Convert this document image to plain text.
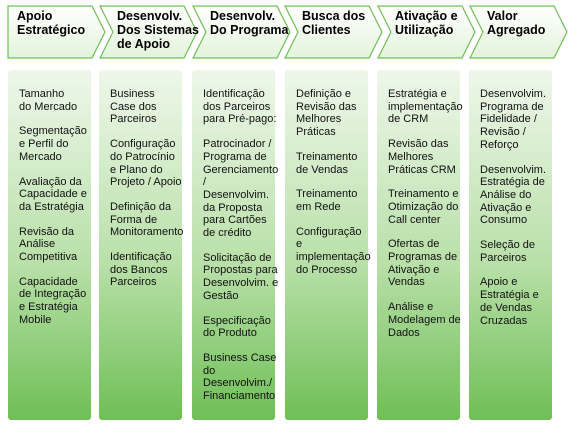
Apoio
Estratégico
Desenvolv.
Dos Sistemas
de Apoio
Desenvolv.
Do Programa
Busca dos
Clientes
Ativação e
Utilização
Valor
Agregado
Tamanho
do Mercado
Segmentação
e Perfil do
Mercado
Avaliação da
Capacidade e
da Estratégia
Revisão da
Análise
Competitiva
Capacidade
de Integração
e Estratégia
Mobile
Business
Case dos
Parceiros
Configuração
do Patrocínio
e Plano do
Projeto / Apoio
Definição da
Forma de
Monitoramento
Identificação
dos Bancos
Parceiros
Identificação
dos Parceiros
para Pré-pago:
Patrocinador /
Programa de
Gerenciamento
/
Desenvolvim.
da Proposta
para Cartões
de crédito
Solicitação de
Propostas para
Desenvolvim. e
Gestão
Especificação
do Produto
Business Case
do
Desenvolvim./
Financiamento
Definição e
Revisão das
Melhores
Práticas
Treinamento
de Vendas
Treinamento
em Rede
Configuração
e
implementação
do Processo
Estratégia e
implementação
de CRM
Revisão das
Melhores
Práticas CRM
Treinamento e
Otimização do
Call center
Ofertas de
Programas de
Ativação e
Vendas
Análise e
Modelagem de
Dados
Desenvolvim.
Programa de
Fidelidade /
Revisão /
Reforço
Desenvolvim.
Estratégia de
Análise do
Ativação e
Consumo
Seleção de
Parceiros
Apoio e
Estratégia e
de Vendas
Cruzadas
